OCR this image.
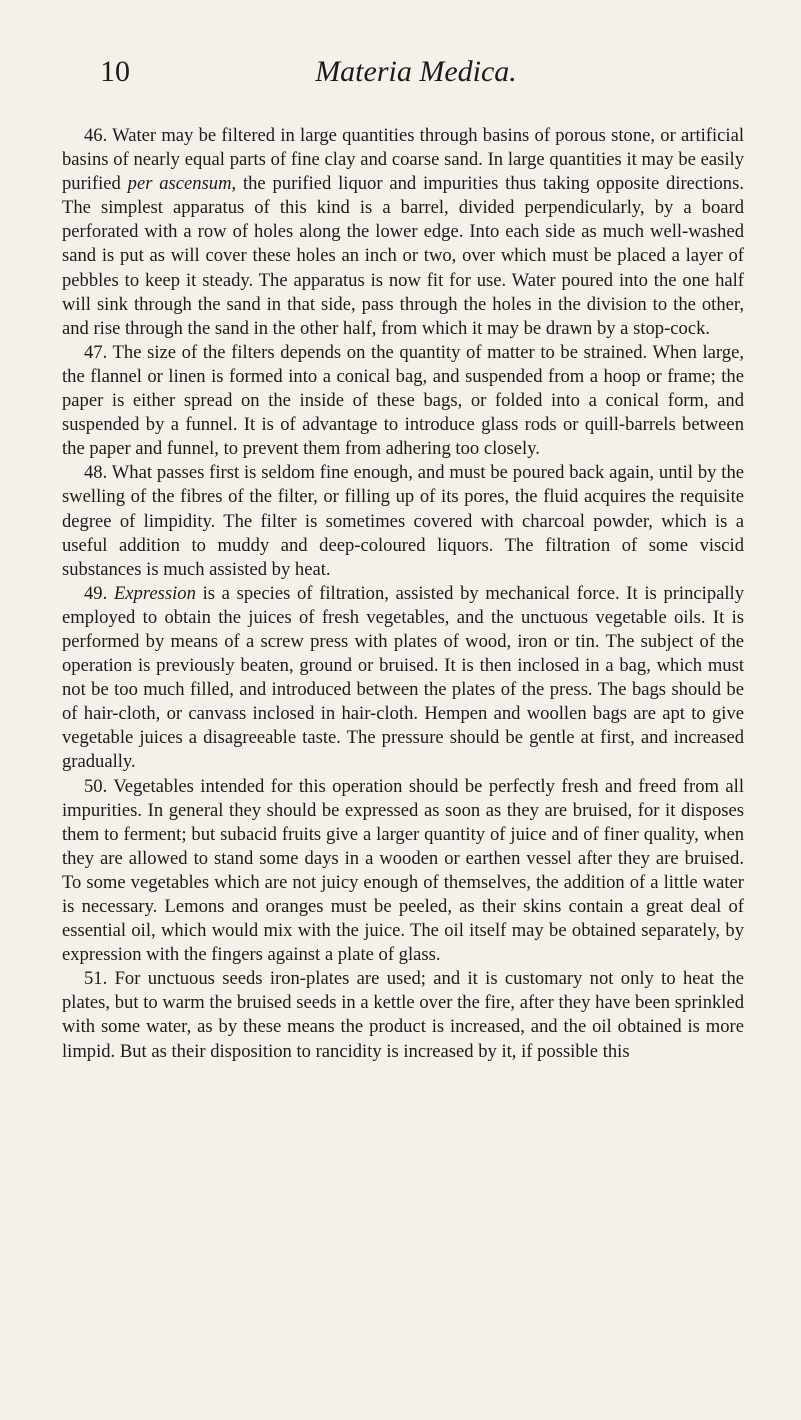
10	Materia Medica.

46. Water may be filtered in large quantities through basins of porous stone, or artificial basins of nearly equal parts of fine clay and coarse sand. In large quantities it may be easily purified per ascensum, the purified liquor and impurities thus taking opposite directions. The simplest apparatus of this kind is a barrel, divided perpendicularly, by a board perforated with a row of holes along the lower edge. Into each side as much well-washed sand is put as will cover these holes an inch or two, over which must be placed a layer of pebbles to keep it steady. The apparatus is now fit for use. Water poured into the one half will sink through the sand in that side, pass through the holes in the division to the other, and rise through the sand in the other half, from which it may be drawn by a stop-cock.

47. The size of the filters depends on the quantity of matter to be strained. When large, the flannel or linen is formed into a conical bag, and suspended from a hoop or frame; the paper is either spread on the inside of these bags, or folded into a conical form, and suspended by a funnel. It is of advantage to introduce glass rods or quill-barrels between the paper and funnel, to prevent them from adhering too closely.

48. What passes first is seldom fine enough, and must be poured back again, until by the swelling of the fibres of the filter, or filling up of its pores, the fluid acquires the requisite degree of limpidity. The filter is sometimes covered with charcoal powder, which is a useful addition to muddy and deep-coloured liquors. The filtration of some viscid substances is much assisted by heat.

49. Expression is a species of filtration, assisted by mechanical force. It is principally employed to obtain the juices of fresh vegetables, and the unctuous vegetable oils. It is performed by means of a screw press with plates of wood, iron or tin. The subject of the operation is previously beaten, ground or bruised. It is then inclosed in a bag, which must not be too much filled, and introduced between the plates of the press. The bags should be of hair-cloth, or canvass inclosed in hair-cloth. Hempen and woollen bags are apt to give vegetable juices a disagreeable taste. The pressure should be gentle at first, and increased gradually.

50. Vegetables intended for this operation should be perfectly fresh and freed from all impurities. In general they should be expressed as soon as they are bruised, for it disposes them to ferment; but subacid fruits give a larger quantity of juice and of finer quality, when they are allowed to stand some days in a wooden or earthen vessel after they are bruised. To some vegetables which are not juicy enough of themselves, the addition of a little water is necessary. Lemons and oranges must be peeled, as their skins contain a great deal of essential oil, which would mix with the juice. The oil itself may be obtained separately, by expression with the fingers against a plate of glass.

51. For unctuous seeds iron-plates are used; and it is customary not only to heat the plates, but to warm the bruised seeds in a kettle over the fire, after they have been sprinkled with some water, as by these means the product is increased, and the oil obtained is more limpid. But as their disposition to rancidity is increased by it, if possible this
